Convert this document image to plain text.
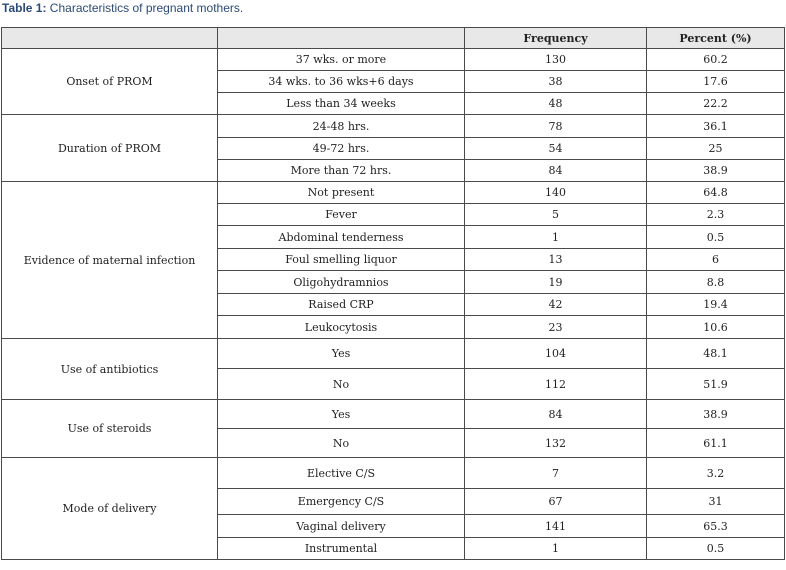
Table 1: Characteristics of pregnant mothers.
		Frequency	Percent (%)
Onset of PROM	37 wks. or more	130	60.2
	34 wks. to 36 wks+6 days	38	17.6
	Less than 34 weeks	48	22.2
Duration of PROM	24-48 hrs.	78	36.1
	49-72 hrs.	54	25
	More than 72 hrs.	84	38.9
Evidence of maternal infection	Not present	140	64.8
	Fever	5	2.3
	Abdominal tenderness	1	0.5
	Foul smelling liquor	13	6
	Oligohydramnios	19	8.8
	Raised CRP	42	19.4
	Leukocytosis	23	10.6
Use of antibiotics	Yes	104	48.1
	No	112	51.9
Use of steroids	Yes	84	38.9
	No	132	61.1
Mode of delivery	Elective C/S	7	3.2
	Emergency C/S	67	31
	Vaginal delivery	141	65.3
	Instrumental	1	0.5
